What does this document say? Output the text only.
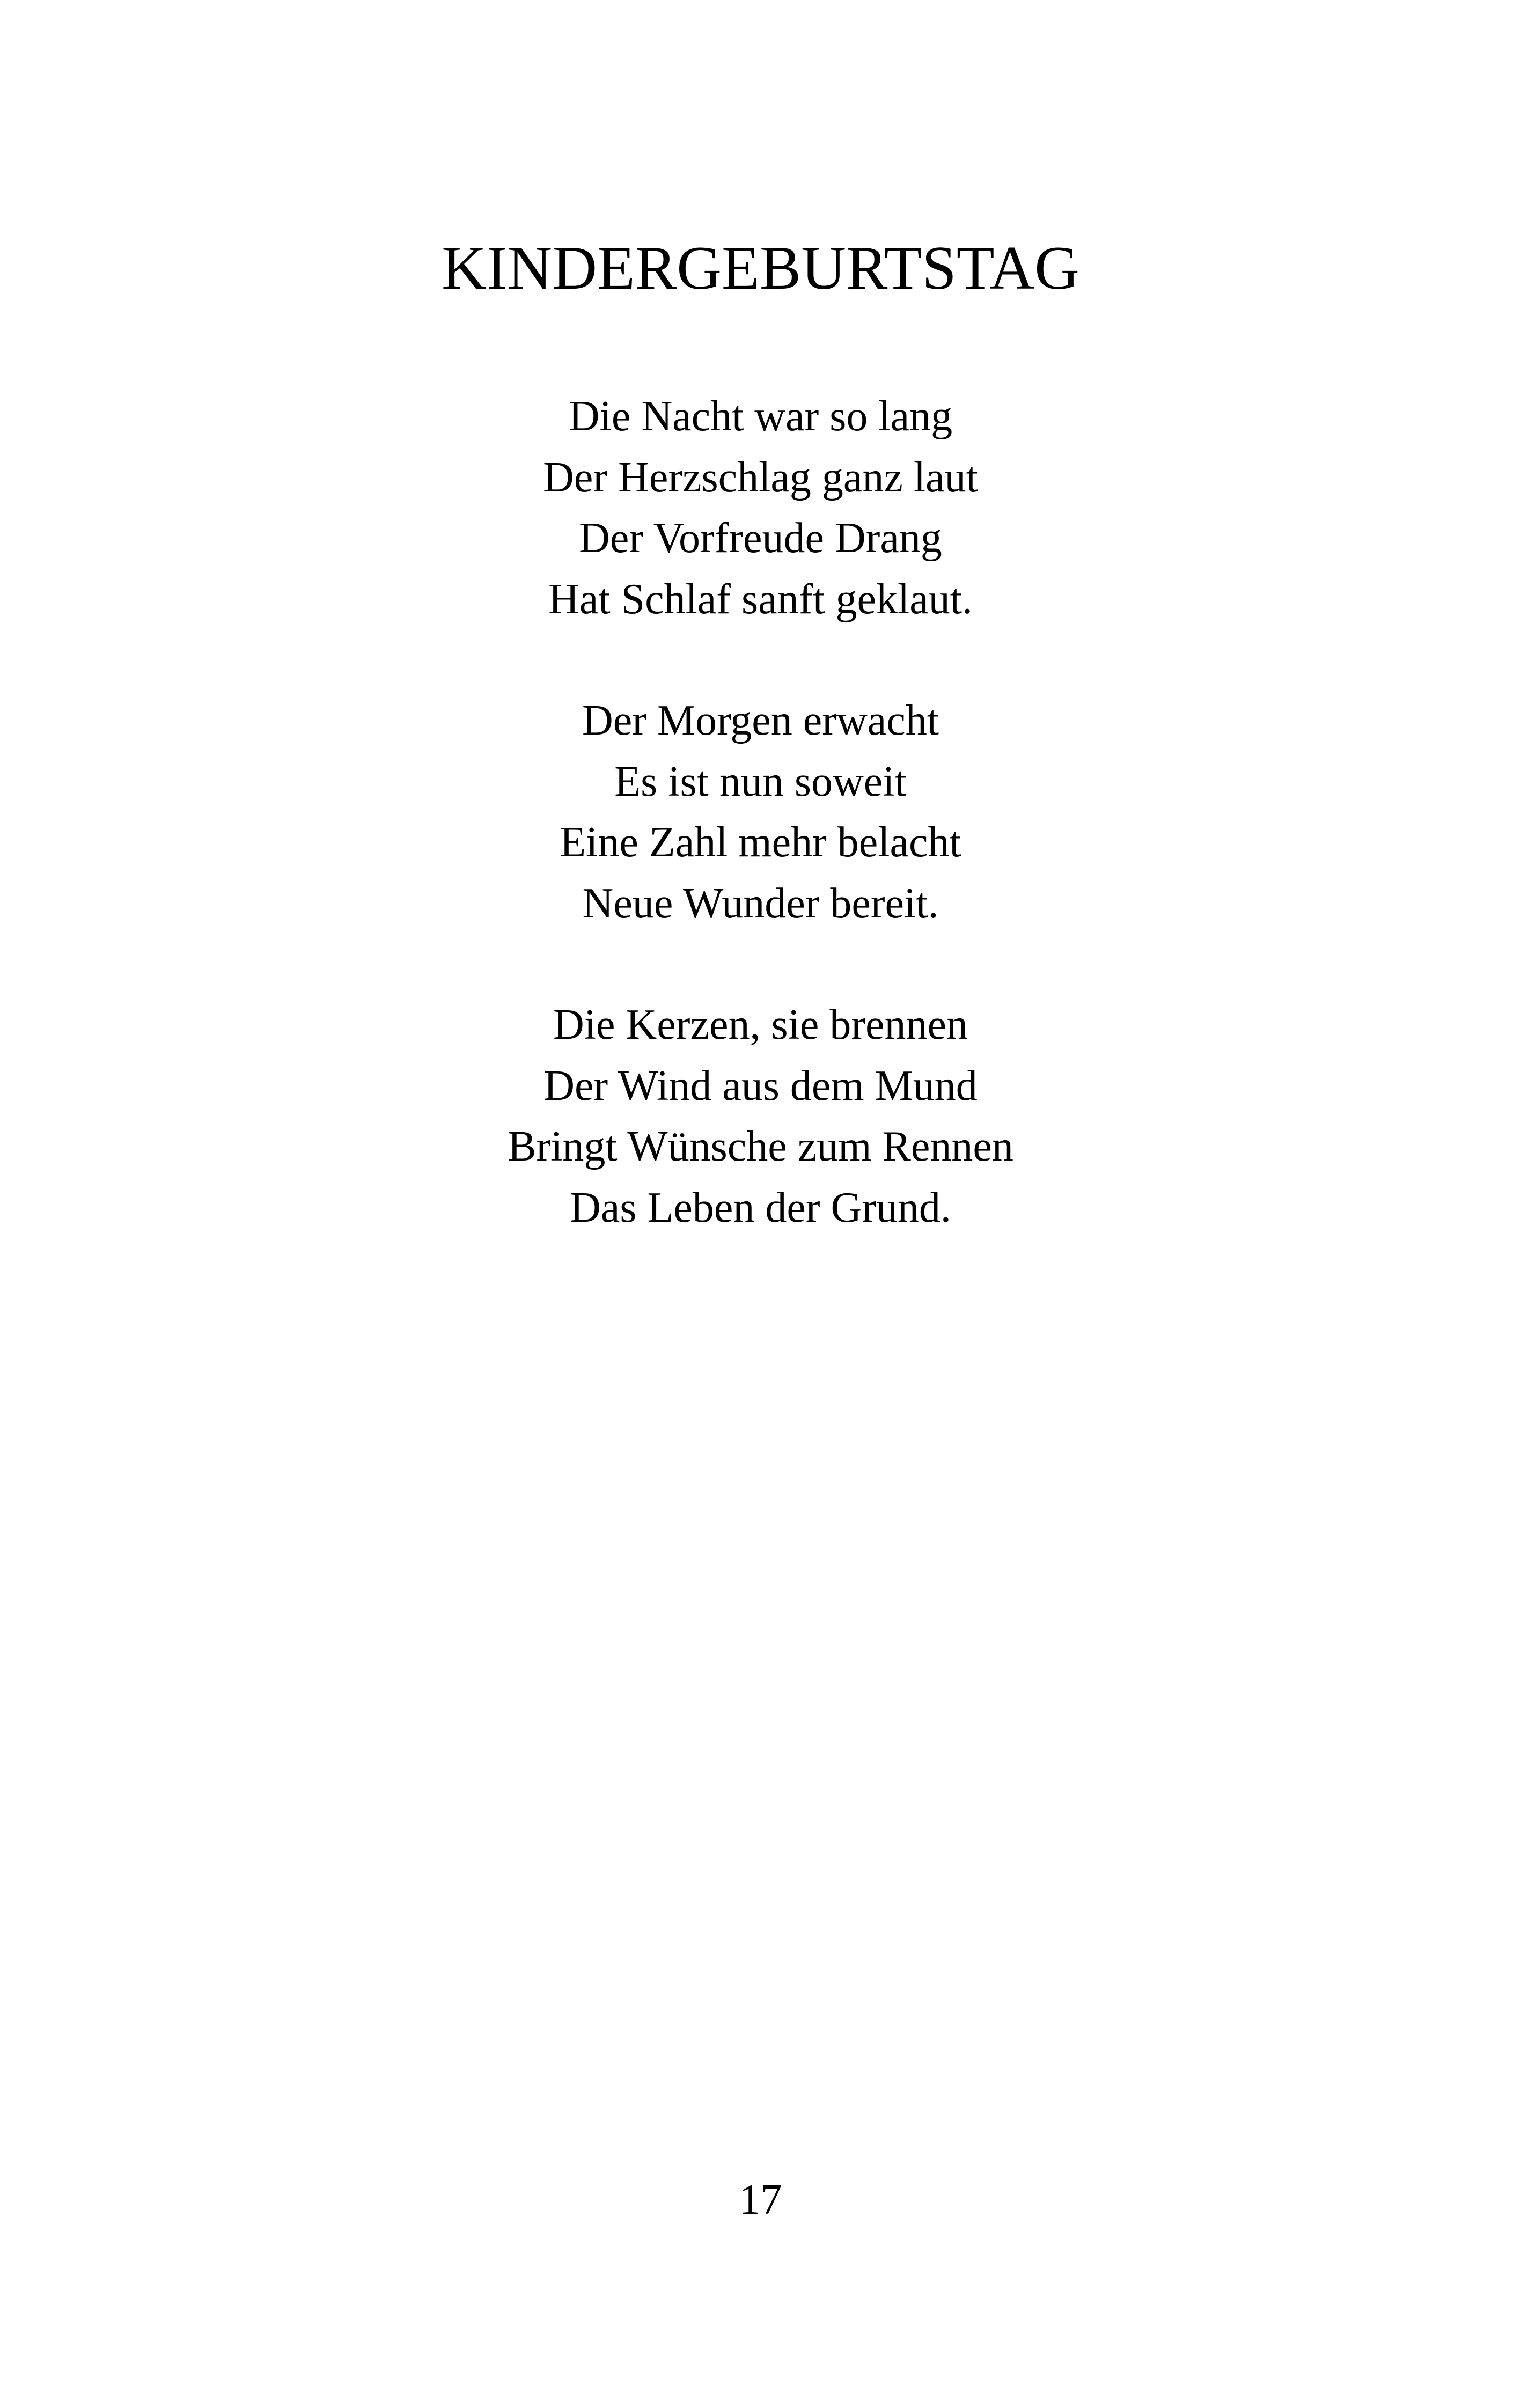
KINDERGEBURTSTAG

Die Nacht war so lang
Der Herzschlag ganz laut
Der Vorfreude Drang
Hat Schlaf sanft geklaut.

Der Morgen erwacht
Es ist nun soweit
Eine Zahl mehr belacht
Neue Wunder bereit.

Die Kerzen, sie brennen
Der Wind aus dem Mund
Bringt Wünsche zum Rennen
Das Leben der Grund.

17
